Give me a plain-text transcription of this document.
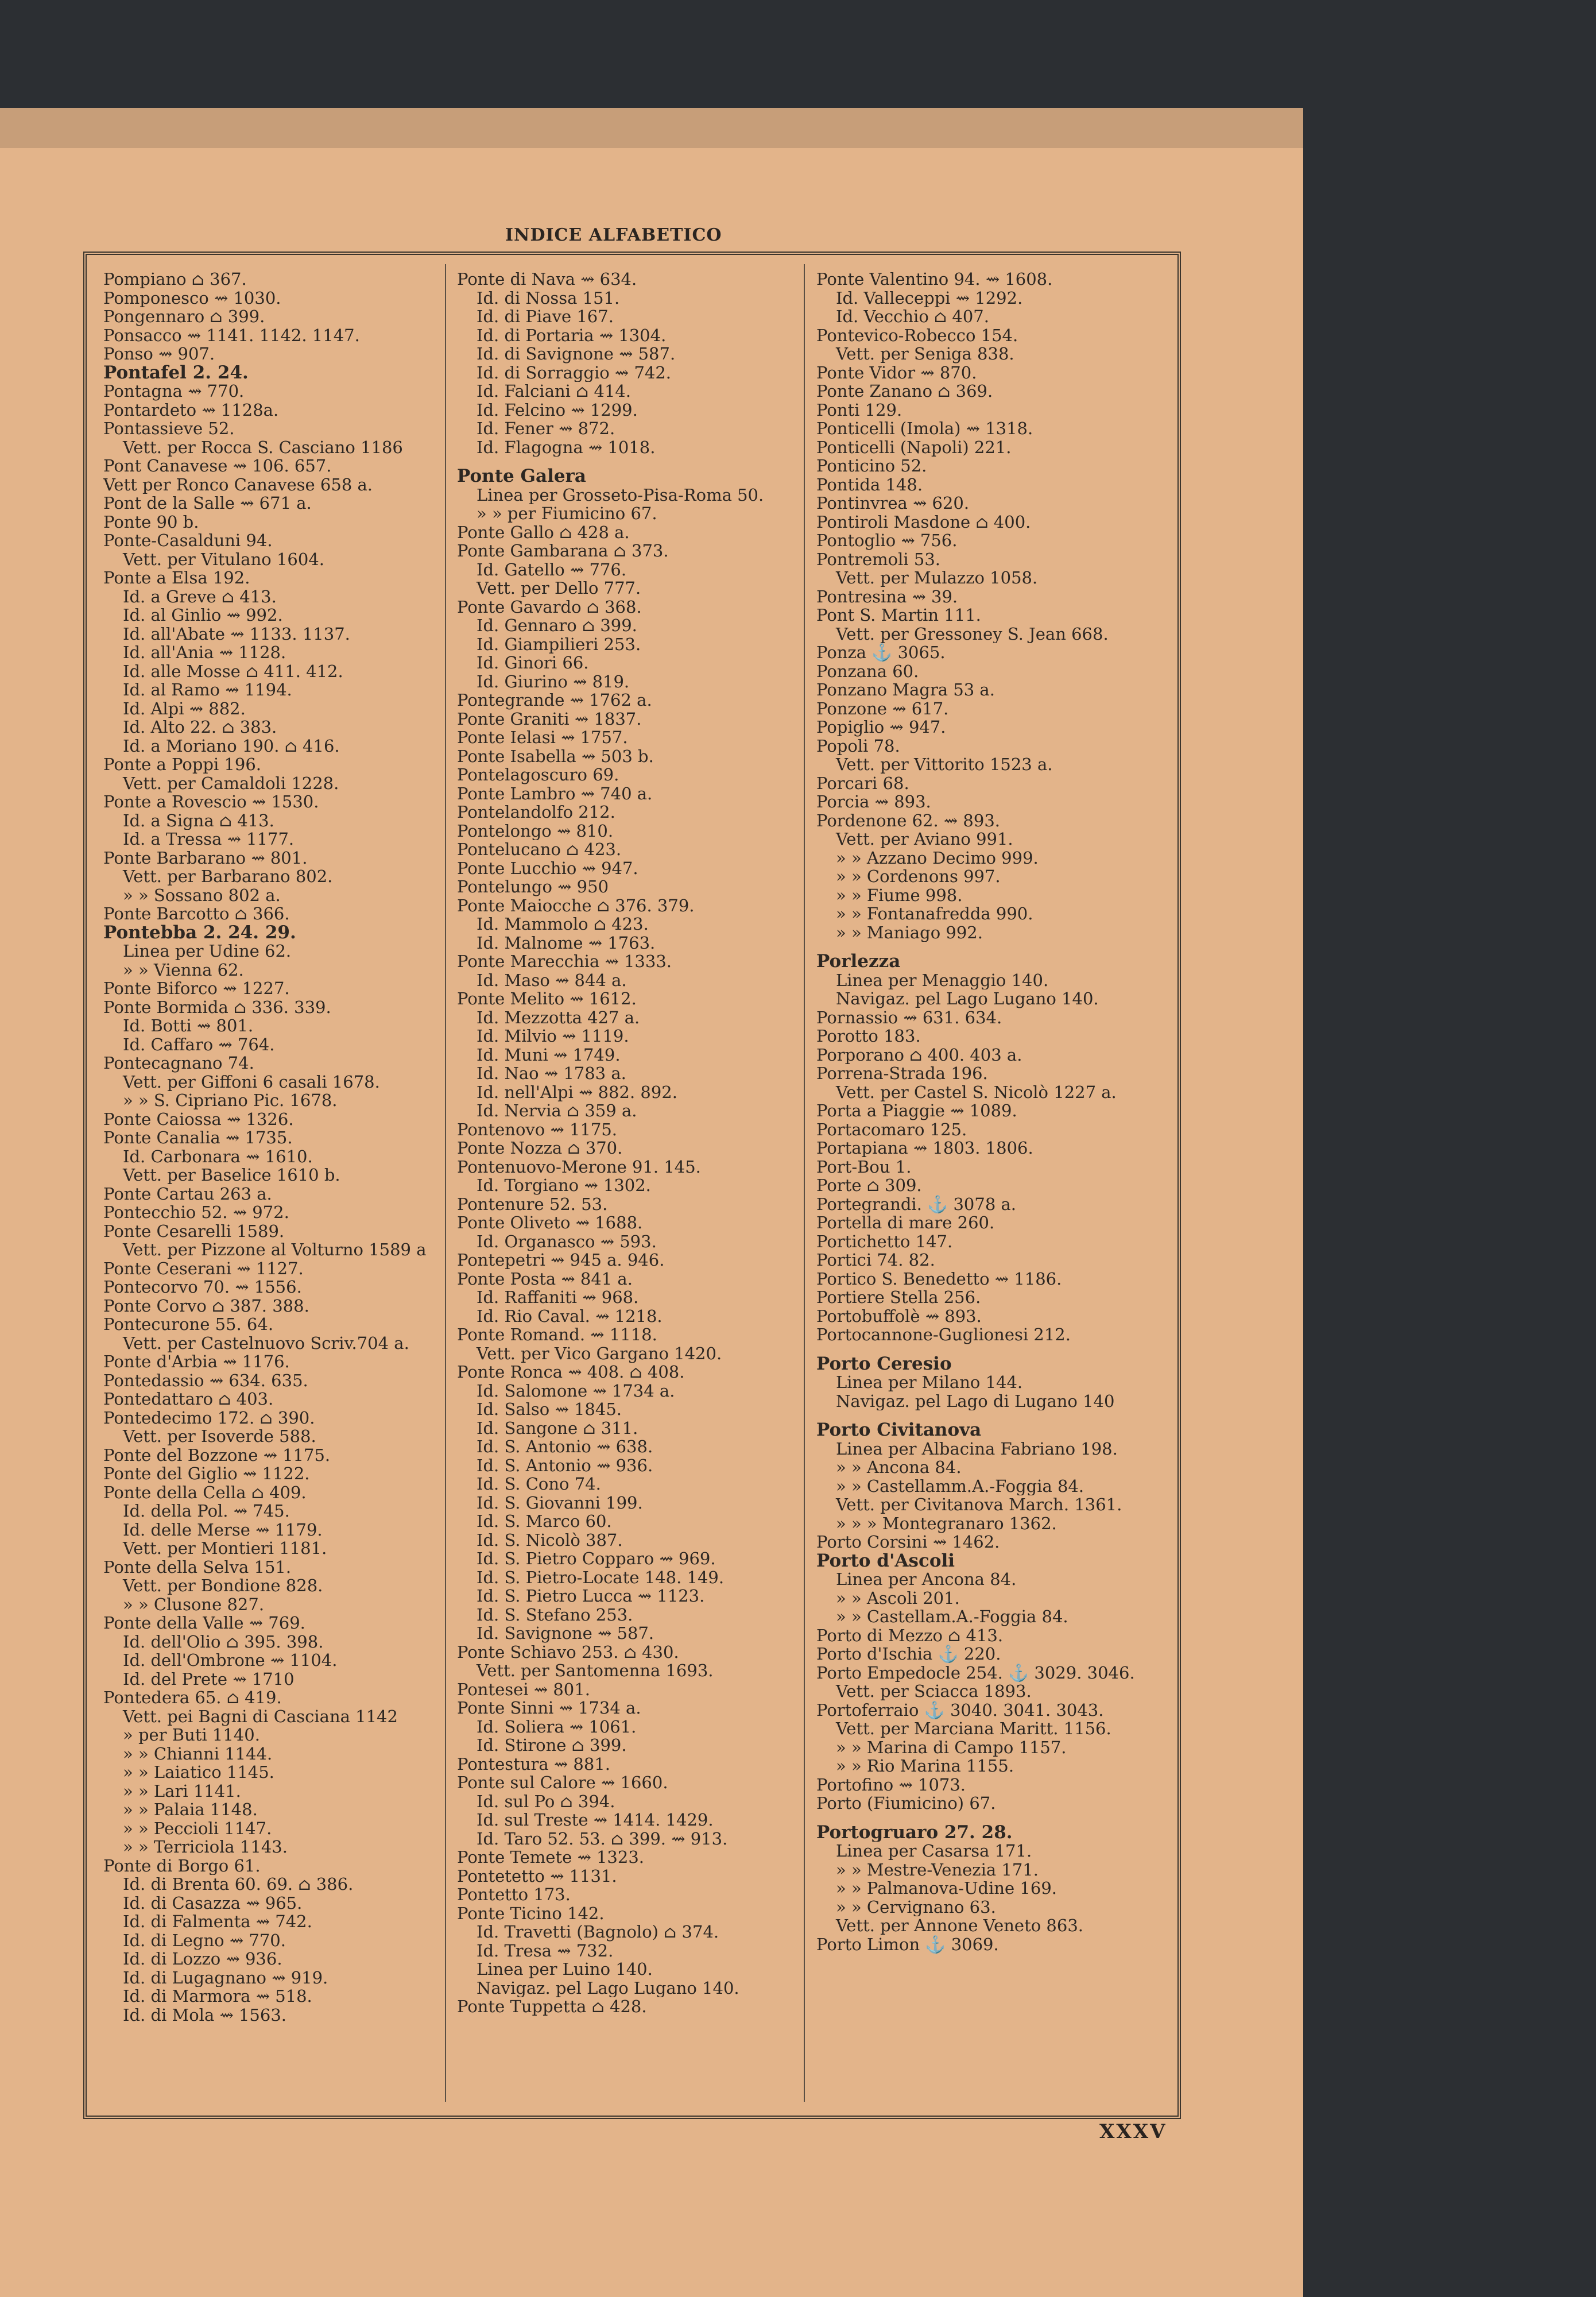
INDICE ALFABETICO
Pompiano ⌂ 367.
Pomponesco ⇝ 1030.
Pongennaro ⌂ 399.
Ponsacco ⇝ 1141. 1142. 1147.
Ponso ⇝ 907.
Pontafel 2. 24.
Pontagna ⇝ 770.
Pontardeto ⇝ 1128a.
Pontassieve 52.
Vett. per Rocca S. Casciano 1186
Pont Canavese ⇝ 106. 657.
Vett per Ronco Canavese 658 a.
Pont de la Salle ⇝ 671 a.
Ponte 90 b.
Ponte-Casalduni 94.
Vett. per Vitulano 1604.
Ponte a Elsa 192.
Id. a Greve ⌂ 413.
Id. al Ginlio ⇝ 992.
Id. all'Abate ⇝ 1133. 1137.
Id. all'Ania ⇝ 1128.
Id. alle Mosse ⌂ 411. 412.
Id. al Ramo ⇝ 1194.
Id. Alpi ⇝ 882.
Id. Alto 22. ⌂ 383.
Id. a Moriano 190. ⌂ 416.
Ponte a Poppi 196.
Vett. per Camaldoli 1228.
Ponte a Rovescio ⇝ 1530.
Id. a Signa ⌂ 413.
Id. a Tressa ⇝ 1177.
Ponte Barbarano ⇝ 801.
Vett. per Barbarano 802.
» » Sossano 802 a.
Ponte Barcotto ⌂ 366.
Pontebba 2. 24. 29.
Linea per Udine 62.
» » Vienna 62.
Ponte Biforco ⇝ 1227.
Ponte Bormida ⌂ 336. 339.
Id. Botti ⇝ 801.
Id. Caffaro ⇝ 764.
Pontecagnano 74.
Vett. per Giffoni 6 casali 1678.
» » S. Cipriano Pic. 1678.
Ponte Caiossa ⇝ 1326.
Ponte Canalia ⇝ 1735.
Id. Carbonara ⇝ 1610.
Vett. per Baselice 1610 b.
Ponte Cartau 263 a.
Pontecchio 52. ⇝ 972.
Ponte Cesarelli 1589.
Vett. per Pizzone al Volturno 1589 a
Ponte Ceserani ⇝ 1127.
Pontecorvo 70. ⇝ 1556.
Ponte Corvo ⌂ 387. 388.
Pontecurone 55. 64.
Vett. per Castelnuovo Scriv.704 a.
Ponte d'Arbia ⇝ 1176.
Pontedassio ⇝ 634. 635.
Pontedattaro ⌂ 403.
Pontedecimo 172. ⌂ 390.
Vett. per Isoverde 588.
Ponte del Bozzone ⇝ 1175.
Ponte del Giglio ⇝ 1122.
Ponte della Cella ⌂ 409.
Id. della Pol. ⇝ 745.
Id. delle Merse ⇝ 1179.
Vett. per Montieri 1181.
Ponte della Selva 151.
Vett. per Bondione 828.
» » Clusone 827.
Ponte della Valle ⇝ 769.
Id. dell'Olio ⌂ 395. 398.
Id. dell'Ombrone ⇝ 1104.
Id. del Prete ⇝ 1710
Pontedera 65. ⌂ 419.
Vett. pei Bagni di Casciana 1142
» per Buti 1140.
» » Chianni 1144.
» » Laiatico 1145.
» » Lari 1141.
» » Palaia 1148.
» » Peccioli 1147.
» » Terriciola 1143.
Ponte di Borgo 61.
Id. di Brenta 60. 69. ⌂ 386.
Id. di Casazza ⇝ 965.
Id. di Falmenta ⇝ 742.
Id. di Legno ⇝ 770.
Id. di Lozzo ⇝ 936.
Id. di Lugagnano ⇝ 919.
Id. di Marmora ⇝ 518.
Id. di Mola ⇝ 1563.
Ponte di Nava ⇝ 634.
Id. di Nossa 151.
Id. di Piave 167.
Id. di Portaria ⇝ 1304.
Id. di Savignone ⇝ 587.
Id. di Sorraggio ⇝ 742.
Id. Falciani ⌂ 414.
Id. Felcino ⇝ 1299.
Id. Fener ⇝ 872.
Id. Flagogna ⇝ 1018.
Ponte Galera
Linea per Grosseto-Pisa-Roma 50.
» » per Fiumicino 67.
Ponte Gallo ⌂ 428 a.
Ponte Gambarana ⌂ 373.
Id. Gatello ⇝ 776.
Vett. per Dello 777.
Ponte Gavardo ⌂ 368.
Id. Gennaro ⌂ 399.
Id. Giampilieri 253.
Id. Ginori 66.
Id. Giurino ⇝ 819.
Pontegrande ⇝ 1762 a.
Ponte Graniti ⇝ 1837.
Ponte Ielasi ⇝ 1757.
Ponte Isabella ⇝ 503 b.
Pontelagoscuro 69.
Ponte Lambro ⇝ 740 a.
Pontelandolfo 212.
Pontelongo ⇝ 810.
Pontelucano ⌂ 423.
Ponte Lucchio ⇝ 947.
Pontelungo ⇝ 950
Ponte Maiocche ⌂ 376. 379.
Id. Mammolo ⌂ 423.
Id. Malnome ⇝ 1763.
Ponte Marecchia ⇝ 1333.
Id. Maso ⇝ 844 a.
Ponte Melito ⇝ 1612.
Id. Mezzotta 427 a.
Id. Milvio ⇝ 1119.
Id. Muni ⇝ 1749.
Id. Nao ⇝ 1783 a.
Id. nell'Alpi ⇝ 882. 892.
Id. Nervia ⌂ 359 a.
Pontenovo ⇝ 1175.
Ponte Nozza ⌂ 370.
Pontenuovo-Merone 91. 145.
Id. Torgiano ⇝ 1302.
Pontenure 52. 53.
Ponte Oliveto ⇝ 1688.
Id. Organasco ⇝ 593.
Pontepetri ⇝ 945 a. 946.
Ponte Posta ⇝ 841 a.
Id. Raffaniti ⇝ 968.
Id. Rio Caval. ⇝ 1218.
Ponte Romand. ⇝ 1118.
Vett. per Vico Gargano 1420.
Ponte Ronca ⇝ 408. ⌂ 408.
Id. Salomone ⇝ 1734 a.
Id. Salso ⇝ 1845.
Id. Sangone ⌂ 311.
Id. S. Antonio ⇝ 638.
Id. S. Antonio ⇝ 936.
Id. S. Cono 74.
Id. S. Giovanni 199.
Id. S. Marco 60.
Id. S. Nicolò 387.
Id. S. Pietro Copparo ⇝ 969.
Id. S. Pietro-Locate 148. 149.
Id. S. Pietro Lucca ⇝ 1123.
Id. S. Stefano 253.
Id. Savignone ⇝ 587.
Ponte Schiavo 253. ⌂ 430.
Vett. per Santomenna 1693.
Pontesei ⇝ 801.
Ponte Sinni ⇝ 1734 a.
Id. Soliera ⇝ 1061.
Id. Stirone ⌂ 399.
Pontestura ⇝ 881.
Ponte sul Calore ⇝ 1660.
Id. sul Po ⌂ 394.
Id. sul Treste ⇝ 1414. 1429.
Id. Taro 52. 53. ⌂ 399. ⇝ 913.
Ponte Temete ⇝ 1323.
Pontetetto ⇝ 1131.
Pontetto 173.
Ponte Ticino 142.
Id. Travetti (Bagnolo) ⌂ 374.
Id. Tresa ⇝ 732.
Linea per Luino 140.
Navigaz. pel Lago Lugano 140.
Ponte Tuppetta ⌂ 428.
Ponte Valentino 94. ⇝ 1608.
Id. Valleceppi ⇝ 1292.
Id. Vecchio ⌂ 407.
Pontevico-Robecco 154.
Vett. per Seniga 838.
Ponte Vidor ⇝ 870.
Ponte Zanano ⌂ 369.
Ponti 129.
Ponticelli (Imola) ⇝ 1318.
Ponticelli (Napoli) 221.
Ponticino 52.
Pontida 148.
Pontinvrea ⇝ 620.
Pontiroli Masdone ⌂ 400.
Pontoglio ⇝ 756.
Pontremoli 53.
Vett. per Mulazzo 1058.
Pontresina ⇝ 39.
Pont S. Martin 111.
Vett. per Gressoney S. Jean 668.
Ponza ⚓ 3065.
Ponzana 60.
Ponzano Magra 53 a.
Ponzone ⇝ 617.
Popiglio ⇝ 947.
Popoli 78.
Vett. per Vittorito 1523 a.
Porcari 68.
Porcia ⇝ 893.
Pordenone 62. ⇝ 893.
Vett. per Aviano 991.
» » Azzano Decimo 999.
» » Cordenons 997.
» » Fiume 998.
» » Fontanafredda 990.
» » Maniago 992.
Porlezza
Linea per Menaggio 140.
Navigaz. pel Lago Lugano 140.
Pornassio ⇝ 631. 634.
Porotto 183.
Porporano ⌂ 400. 403 a.
Porrena-Strada 196.
Vett. per Castel S. Nicolò 1227 a.
Porta a Piaggie ⇝ 1089.
Portacomaro 125.
Portapiana ⇝ 1803. 1806.
Port-Bou 1.
Porte ⌂ 309.
Portegrandi. ⚓ 3078 a.
Portella di mare 260.
Portichetto 147.
Portici 74. 82.
Portico S. Benedetto ⇝ 1186.
Portiere Stella 256.
Portobuffolè ⇝ 893.
Portocannone-Guglionesi 212.
Porto Ceresio
Linea per Milano 144.
Navigaz. pel Lago di Lugano 140
Porto Civitanova
Linea per Albacina Fabriano 198.
» » Ancona 84.
» » Castellamm.A.-Foggia 84.
Vett. per Civitanova March. 1361.
» » » Montegranaro 1362.
Porto Corsini ⇝ 1462.
Porto d'Ascoli
Linea per Ancona 84.
» » Ascoli 201.
» » Castellam.A.-Foggia 84.
Porto di Mezzo ⌂ 413.
Porto d'Ischia ⚓ 220.
Porto Empedocle 254. ⚓ 3029. 3046.
Vett. per Sciacca 1893.
Portoferraio ⚓ 3040. 3041. 3043.
Vett. per Marciana Maritt. 1156.
» » Marina di Campo 1157.
» » Rio Marina 1155.
Portofino ⇝ 1073.
Porto (Fiumicino) 67.
Portogruaro 27. 28.
Linea per Casarsa 171.
» » Mestre-Venezia 171.
» » Palmanova-Udine 169.
» » Cervignano 63.
Vett. per Annone Veneto 863.
Porto Limon ⚓ 3069.
XXXV
